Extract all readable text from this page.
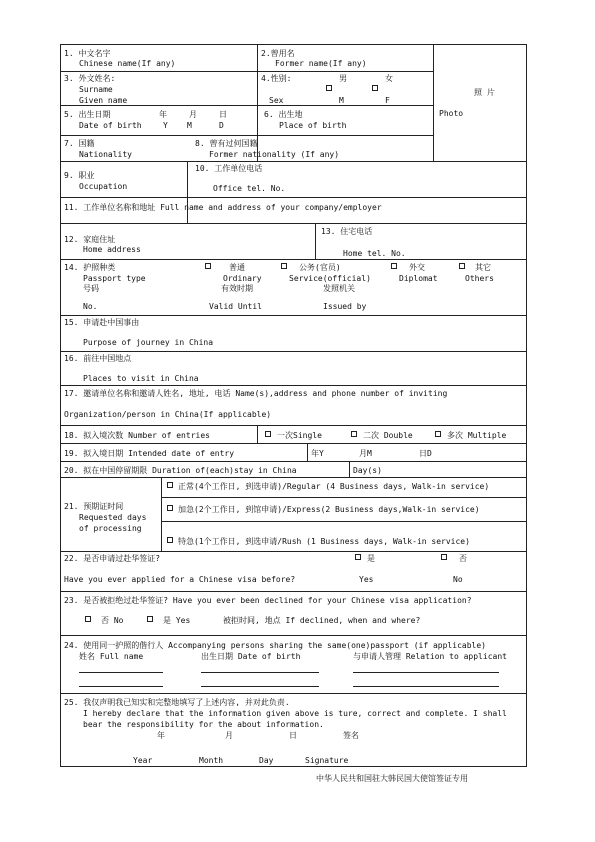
1. 中文名字
Chinese name(If any)
2.曾用名
Former name(If any)
照 片
Photo
3. 外文姓名:
Surname
Given name
4.性别:	男	女
Sex	M	F
5. 出生日期	年	月	日
Date of birth	Y M	D
6. 出生地
Place of birth
7. 国籍
Nationality
8. 曾有过何国籍
Former nationality (If any)
9. 职业
Occupation
10. 工作单位电话
Office tel. No.
11. 工作单位名称和地址 Full name and address of your company/employer
12. 家庭住址
Home address
13. 住宅电话
Home tel. No.
14. 护照种类
Passport type
普通
Ordinary
公务(官员)
Service(official)
外交
Diplomat
其它
Others
号码	有效时期	发照机关
No.	Valid Until	Issued by
15. 申请赴中国事由
Purpose of journey in China
16. 前往中国地点
Places to visit in China
17. 邀请单位名称和邀请人姓名, 地址, 电话 Name(s),address and phone number of inviting
Organization/person in China(If applicable)
18. 拟入境次数 Number of entries	一次Single	二次 Double	多次 Multiple
19. 拟入境日期 Intended date of entry	年Y	月M	日D
20. 拟在中国停留期限 Duration of(each)stay in China	Day(s)
21. 预期证时间
Requested days
of processing
正常(4个工作日, 到选申请)/Regular (4 Business days, Walk-in service)
加急(2个工作日, 到馆申请)/Express(2 Business days,Walk-in service)
特急(1个工作日, 到选申请/Rush (1 Business days, Walk-in service)
22. 是否申请过赴华签证?	是	否
Have you ever applied for a Chinese visa before?	Yes	No
23. 是否被拒绝过赴华签证? Have you ever been declined for your Chinese visa application?
否 No	是 Yes	被拒时间, 地点 If declined, when and where?
24. 使用同一护照的偕行人 Accompanying persons sharing the same(one)passport (if applicable)
姓名 Full name	出生日期 Date of birth	与申请人管理 Relation to applicant
25. 我仅声明我已知实和完整地填写了上述内容, 并对此负责.
I hereby declare that the information given above is ture, correct and complete. I shall
bear the responsibility for the about information.
年	月	日	签名
Year	Month	Day	Signature
中华人民共和国驻大韩民国大使馆签证专用
